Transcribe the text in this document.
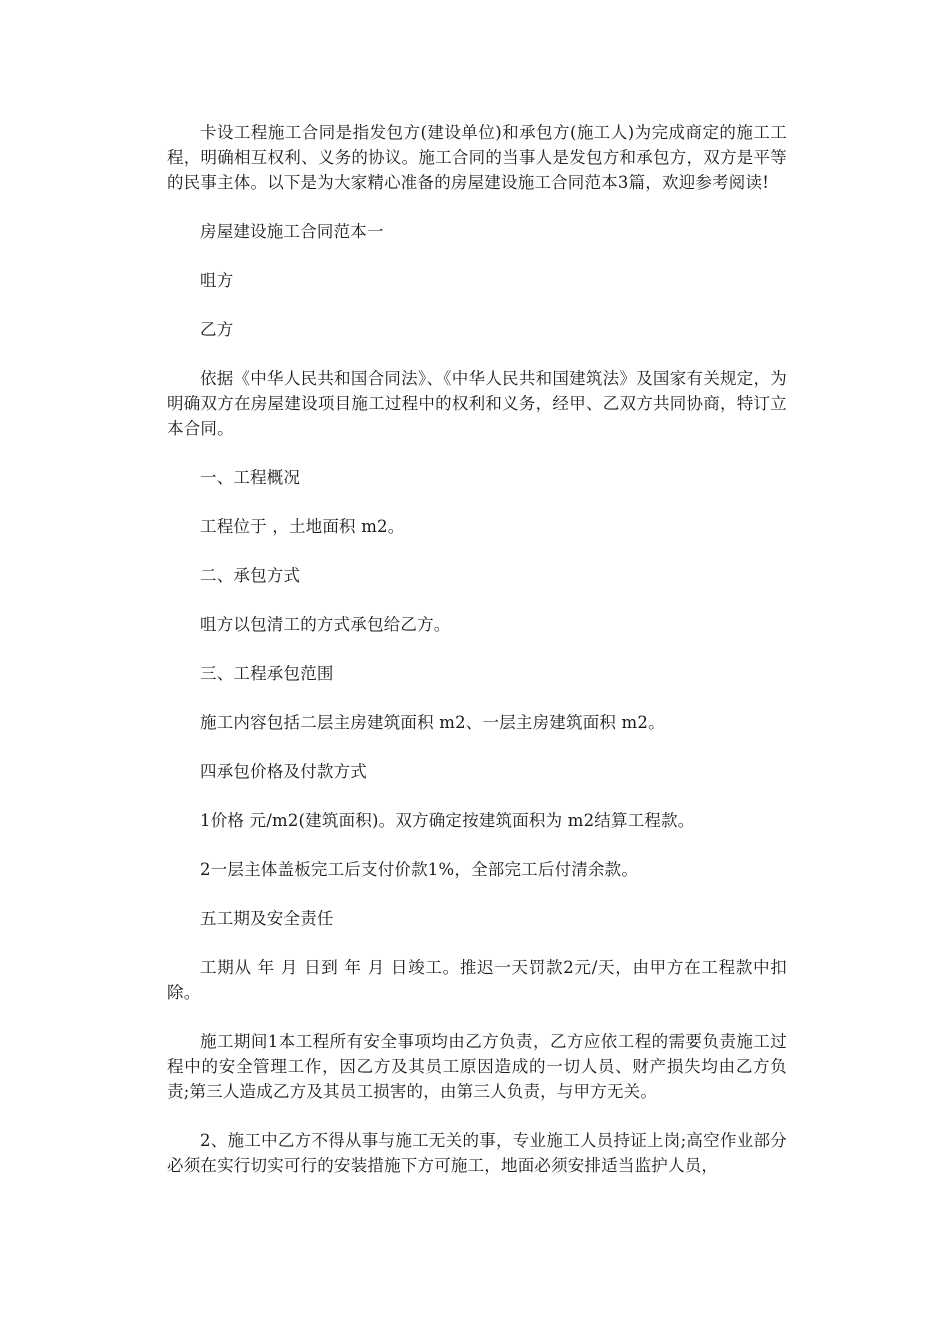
卡设工程施工合同是指发包方(建设单位)和承包方(施工人)为完成商定的施工工程，明确相互权利、义务的协议。施工合同的当事人是发包方和承包方，双方是平等的民事主体。以下是为大家精心准备的房屋建设施工合同范本3篇，欢迎参考阅读!

房屋建设施工合同范本一

咀方

乙方

依据《中华人民共和国合同法》、《中华人民共和国建筑法》及国家有关规定，为明确双方在房屋建设项目施工过程中的权利和义务，经甲、乙双方共同协商，特订立本合同。

一、工程概况

工程位于 ，土地面积 m2。

二、承包方式

咀方以包清工的方式承包给乙方。

三、工程承包范围

施工内容包括二层主房建筑面积 m2、一层主房建筑面积 m2。

四承包价格及付款方式

1价格 元/m2(建筑面积)。双方确定按建筑面积为 m2结算工程款。

2一层主体盖板完工后支付价款1%，全部完工后付清余款。

五工期及安全责任

工期从 年 月 日到 年 月 日竣工。推迟一天罚款2元/天，由甲方在工程款中扣除。

施工期间1本工程所有安全事项均由乙方负责，乙方应依工程的需要负责施工过程中的安全管理工作，因乙方及其员工原因造成的一切人员、财产损失均由乙方负责;第三人造成乙方及其员工损害的，由第三人负责，与甲方无关。

2、施工中乙方不得从事与施工无关的事，专业施工人员持证上岗;高空作业部分必须在实行切实可行的安装措施下方可施工，地面必须安排适当监护人员，
